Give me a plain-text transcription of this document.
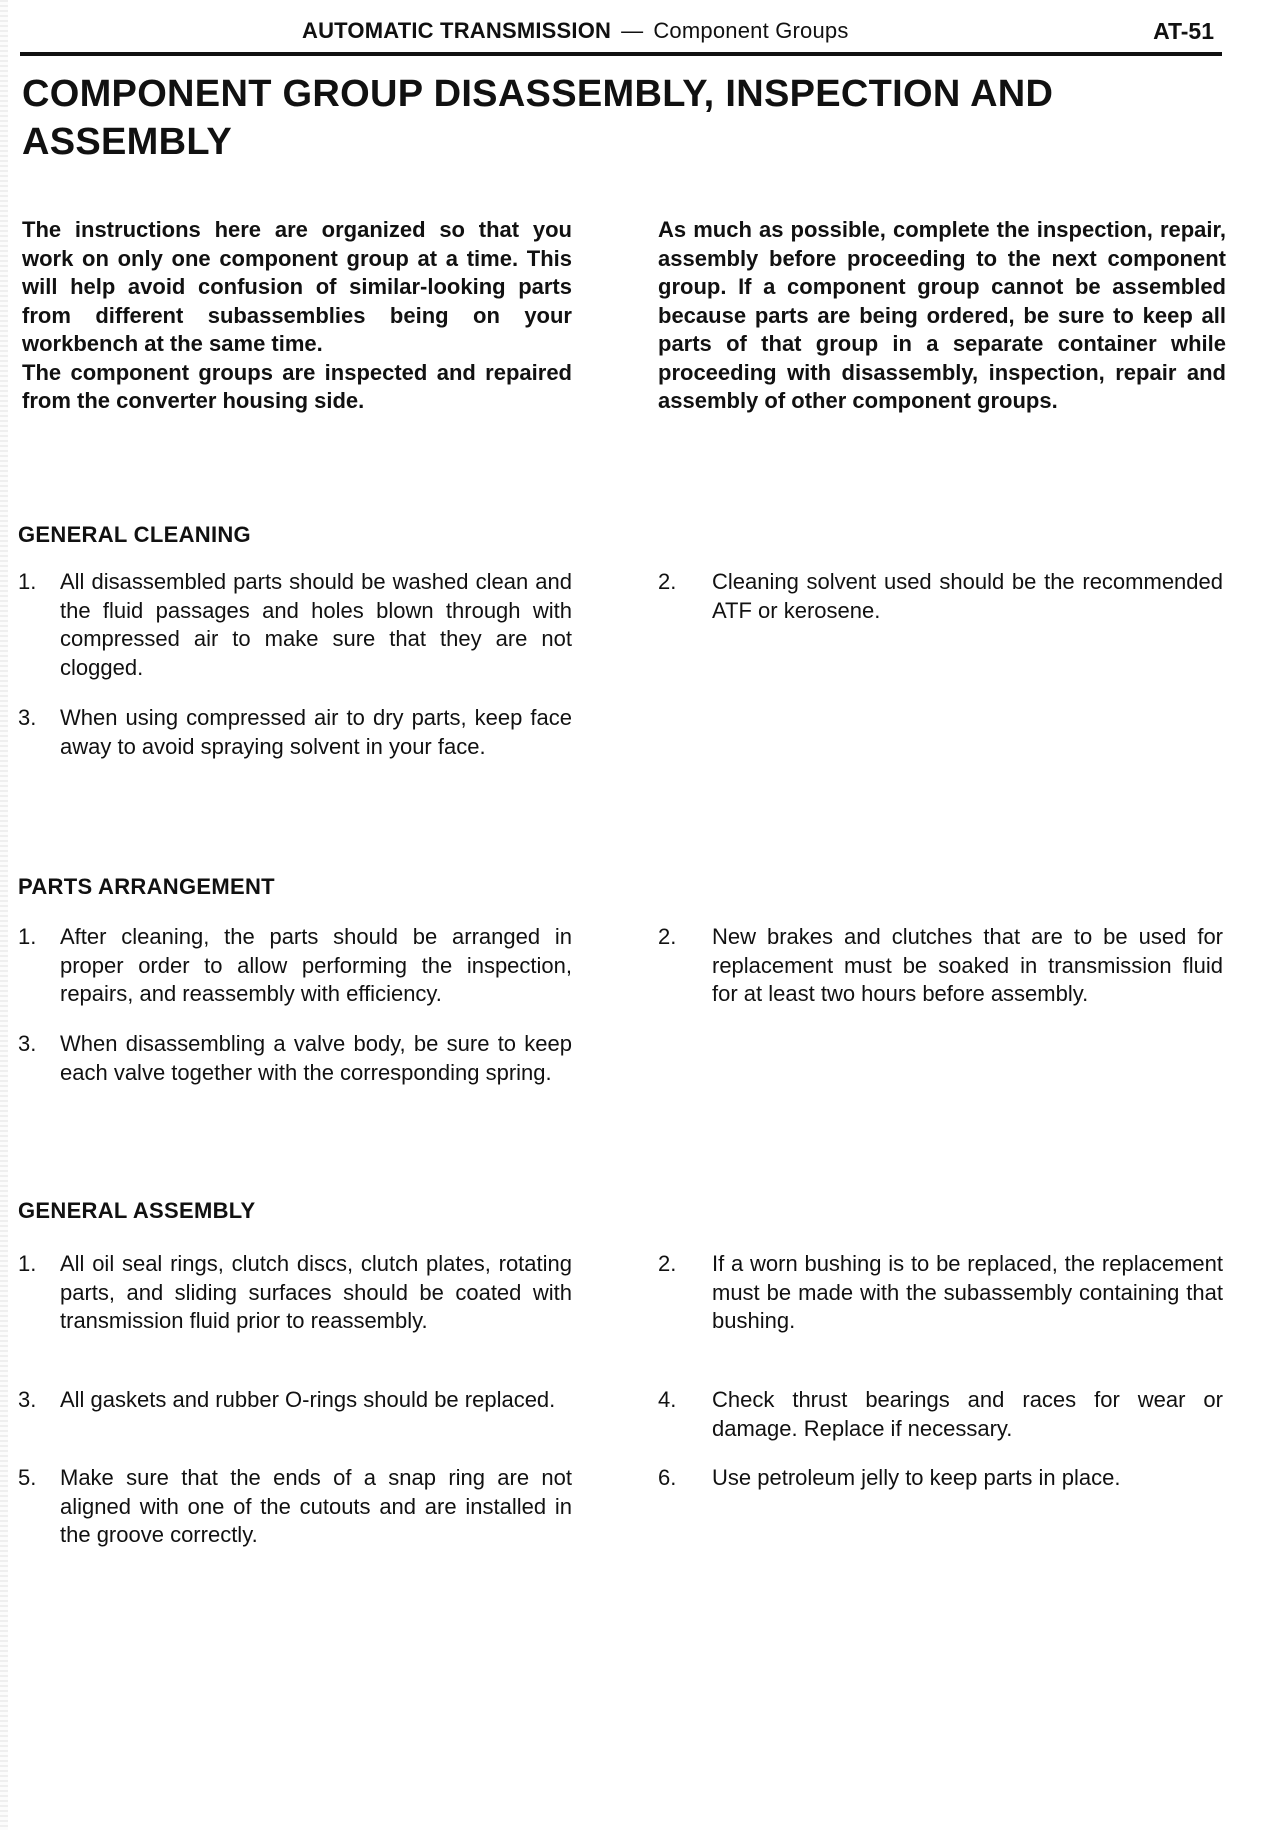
AUTOMATIC TRANSMISSION — Component Groups	AT-51
COMPONENT GROUP DISASSEMBLY, INSPECTION AND ASSEMBLY

The instructions here are organized so that you work on only one component group at a time. This will help avoid confusion of similar-looking parts from different subassemblies being on your workbench at the same time.

The component groups are inspected and repaired from the converter housing side.

As much as possible, complete the inspection, repair, assembly before proceeding to the next component group. If a component group cannot be assembled because parts are being ordered, be sure to keep all parts of that group in a separate container while proceeding with disassembly, inspection, repair and assembly of other component groups.

GENERAL CLEANING
1.	All disassembled parts should be washed clean and the fluid passages and holes blown through with compressed air to make sure that they are not clogged.
2.	Cleaning solvent used should be the recommended ATF or kerosene.
3.	When using compressed air to dry parts, keep face away to avoid spraying solvent in your face.
PARTS ARRANGEMENT
1.	After cleaning, the parts should be arranged in proper order to allow performing the inspection, repairs, and reassembly with efficiency.
2.	New brakes and clutches that are to be used for replacement must be soaked in transmission fluid for at least two hours before assembly.
3.	When disassembling a valve body, be sure to keep each valve together with the corresponding spring.
GENERAL ASSEMBLY
1.	All oil seal rings, clutch discs, clutch plates, rotating parts, and sliding surfaces should be coated with transmission fluid prior to reassembly.
2.	If a worn bushing is to be replaced, the replacement must be made with the subassembly containing that bushing.
3.	All gaskets and rubber O-rings should be replaced.	4.	Check thrust bearings and races for wear or damage. Replace if necessary.
5.	Make sure that the ends of a snap ring are not aligned with one of the cutouts and are installed in the groove correctly.
6.	Use petroleum jelly to keep parts in place.
